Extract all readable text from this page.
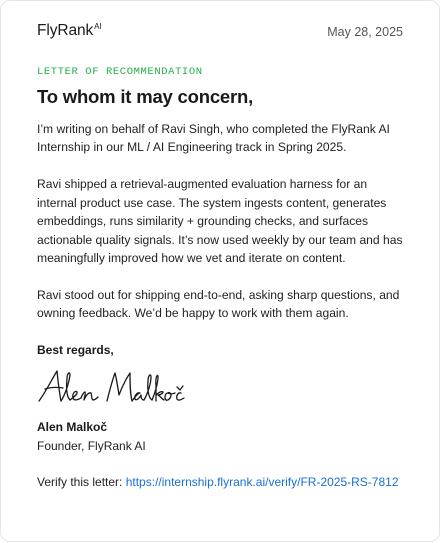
FlyRank$^{AI}$	May 28, 2025
LETTER OF RECOMMENDATION
To whom it may concern,

I’m writing on behalf of Ravi Singh, who completed the FlyRank AI Internship in our ML / AI Engineering track in Spring 2025.

Ravi shipped a retrieval-augmented evaluation harness for an internal product use case. The system ingests content, generates embeddings, runs similarity + grounding checks, and surfaces actionable quality signals. It’s now used weekly by our team and has meaningfully improved how we vet and iterate on content.

Ravi stood out for shipping end-to-end, asking sharp questions, and owning feedback. We’d be happy to work with them again.

Best regards,
Alen Malkoč
Founder, FlyRank AI
Verify this letter: https://internship.flyrank.ai/verify/FR-2025-RS-7812
